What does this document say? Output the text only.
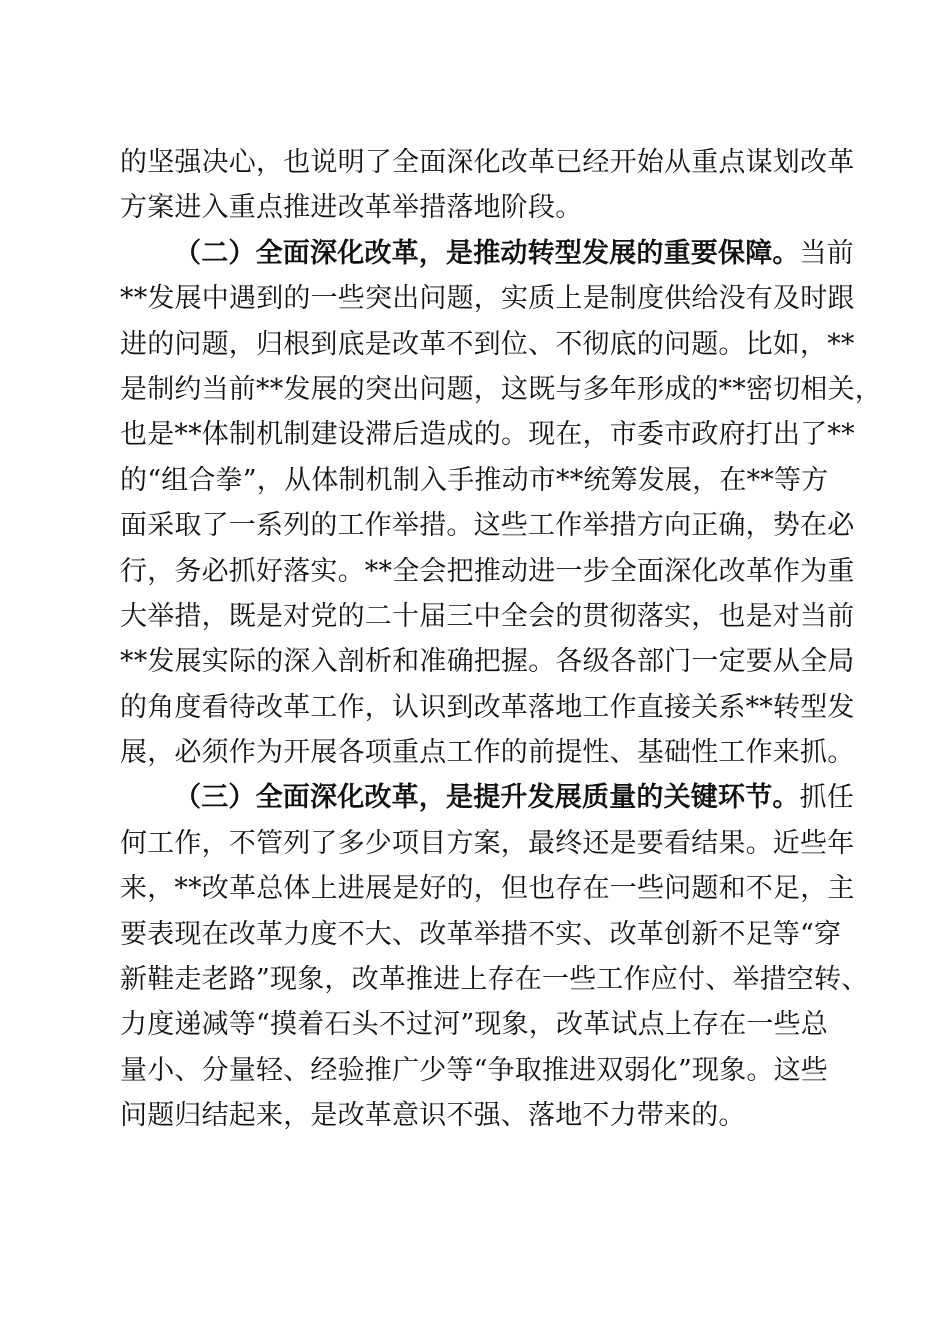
的坚强决心，也说明了全面深化改革已经开始从重点谋划改革
方案进入重点推进改革举措落地阶段。
（二）全面深化改革，是推动转型发展的重要保障。当前
**发展中遇到的一些突出问题，实质上是制度供给没有及时跟
进的问题，归根到底是改革不到位、不彻底的问题。比如，**
是制约当前**发展的突出问题，这既与多年形成的**密切相关，
也是**体制机制建设滞后造成的。现在，市委市政府打出了**
的“组合拳”，从体制机制入手推动市**统筹发展，在**等方
面采取了一系列的工作举措。这些工作举措方向正确，势在必
行，务必抓好落实。**全会把推动进一步全面深化改革作为重
大举措，既是对党的二十届三中全会的贯彻落实，也是对当前
**发展实际的深入剖析和准确把握。各级各部门一定要从全局
的角度看待改革工作，认识到改革落地工作直接关系**转型发
展，必须作为开展各项重点工作的前提性、基础性工作来抓。
（三）全面深化改革，是提升发展质量的关键环节。抓任
何工作，不管列了多少项目方案，最终还是要看结果。近些年
来，**改革总体上进展是好的，但也存在一些问题和不足，主
要表现在改革力度不大、改革举措不实、改革创新不足等“穿
新鞋走老路”现象，改革推进上存在一些工作应付、举措空转、
力度递减等“摸着石头不过河”现象，改革试点上存在一些总
量小、分量轻、经验推广少等“争取推进双弱化”现象。这些
问题归结起来，是改革意识不强、落地不力带来的。
